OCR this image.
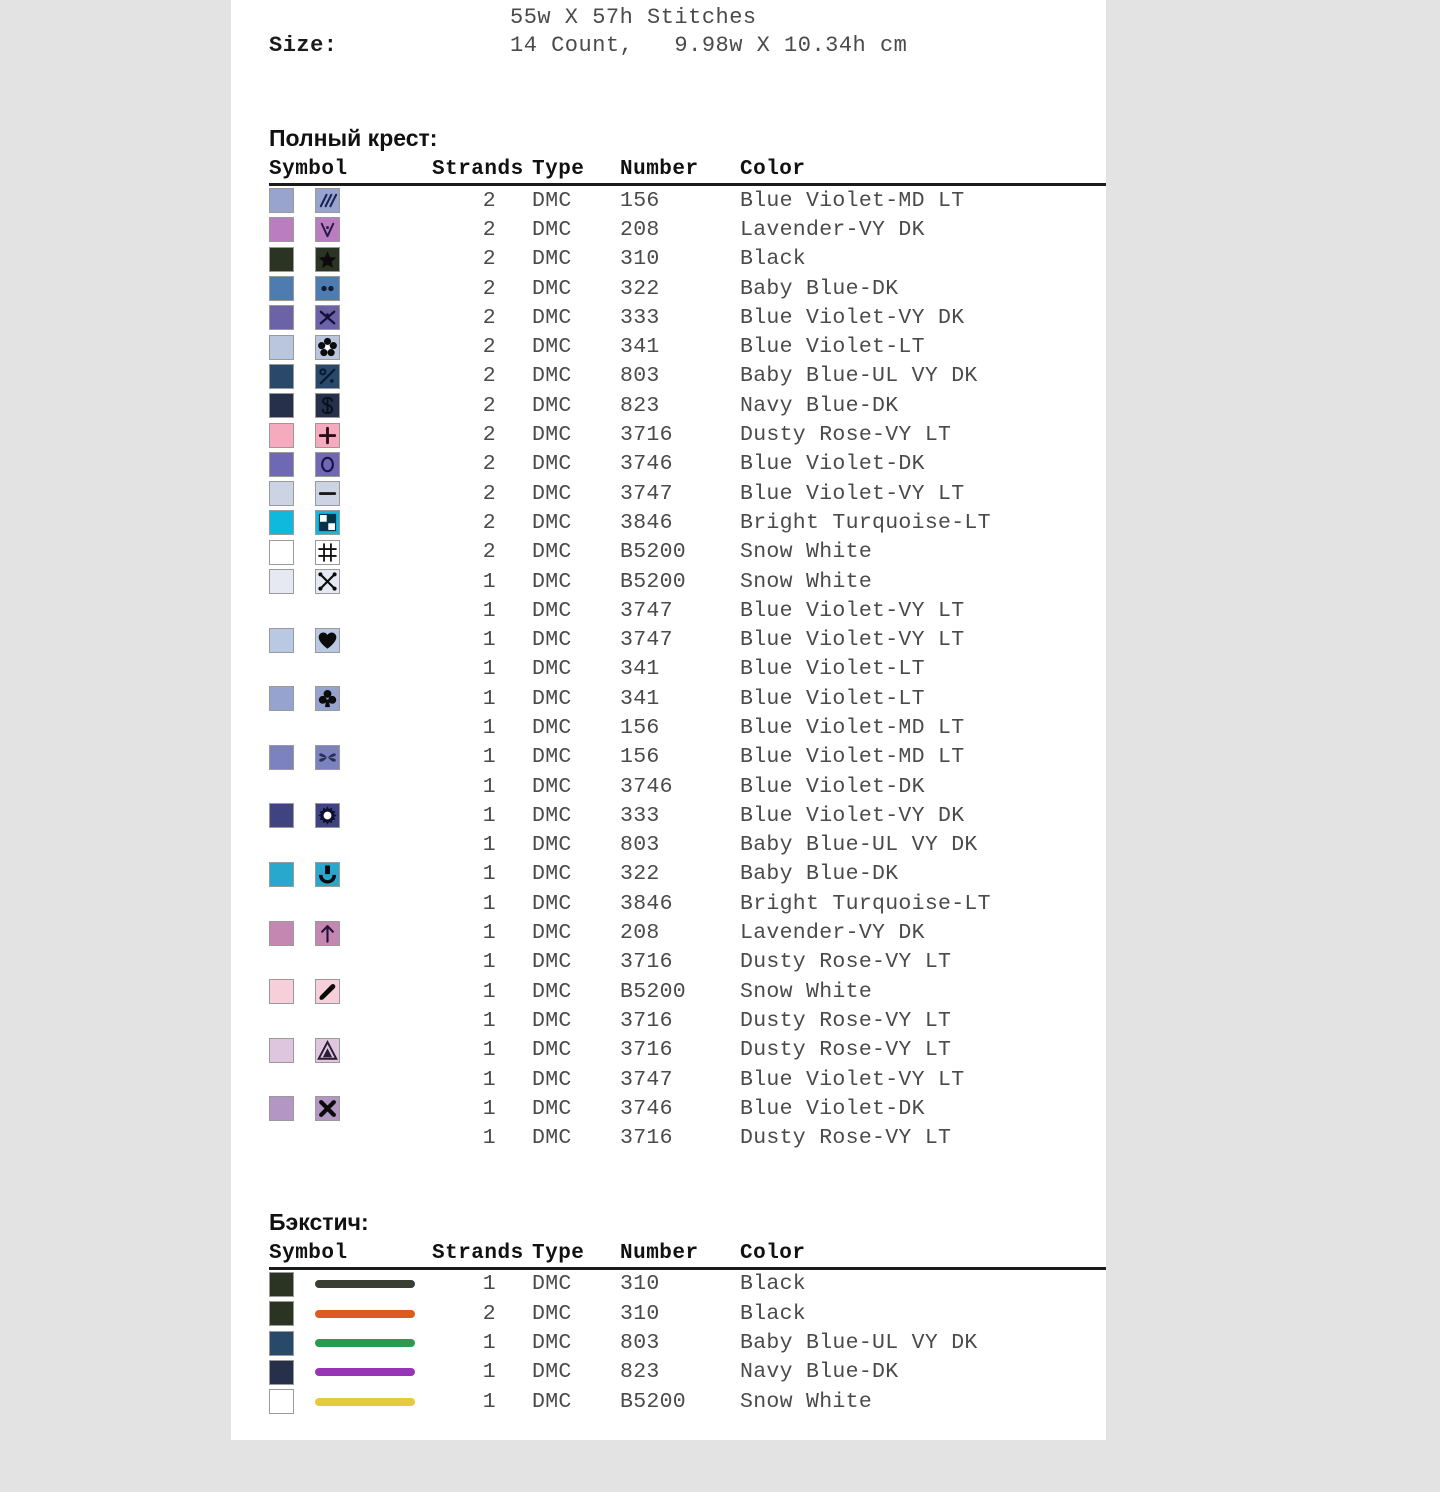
Size:
55w X 57h Stitches
14 Count,   9.98w X 10.34h cm
Полный крест:
Symbol	Strands Type	Number	Color
2	DMC	156	Blue Violet-MD LT
2	DMC	208	Lavender-VY DK
2	DMC	310	Black
2	DMC	322	Baby Blue-DK
2	DMC	333	Blue Violet-VY DK
2	DMC	341	Blue Violet-LT
2	DMC	803	Baby Blue-UL VY DK
2	DMC	823	Navy Blue-DK
2	DMC	3716	Dusty Rose-VY LT
2	DMC	3746	Blue Violet-DK
2	DMC	3747	Blue Violet-VY LT
2	DMC	3846	Bright Turquoise-LT
2	DMC	B5200	Snow White
1	DMC	B5200	Snow White
1	DMC	3747	Blue Violet-VY LT
1	DMC	3747	Blue Violet-VY LT
1	DMC	341	Blue Violet-LT
1	DMC	341	Blue Violet-LT
1	DMC	156	Blue Violet-MD LT
1	DMC	156	Blue Violet-MD LT
1	DMC	3746	Blue Violet-DK
1	DMC	333	Blue Violet-VY DK
1	DMC	803	Baby Blue-UL VY DK
1	DMC	322	Baby Blue-DK
1	DMC	3846	Bright Turquoise-LT
1	DMC	208	Lavender-VY DK
1	DMC	3716	Dusty Rose-VY LT
1	DMC	B5200	Snow White
1	DMC	3716	Dusty Rose-VY LT
1	DMC	3716	Dusty Rose-VY LT
1	DMC	3747	Blue Violet-VY LT
1	DMC	3746	Blue Violet-DK
1	DMC	3716	Dusty Rose-VY LT
Бэкстич:
Symbol	Strands Type	Number	Color
1	DMC	310	Black
2	DMC	310	Black
1	DMC	803	Baby Blue-UL VY DK
1	DMC	823	Navy Blue-DK
1	DMC	B5200	Snow White
